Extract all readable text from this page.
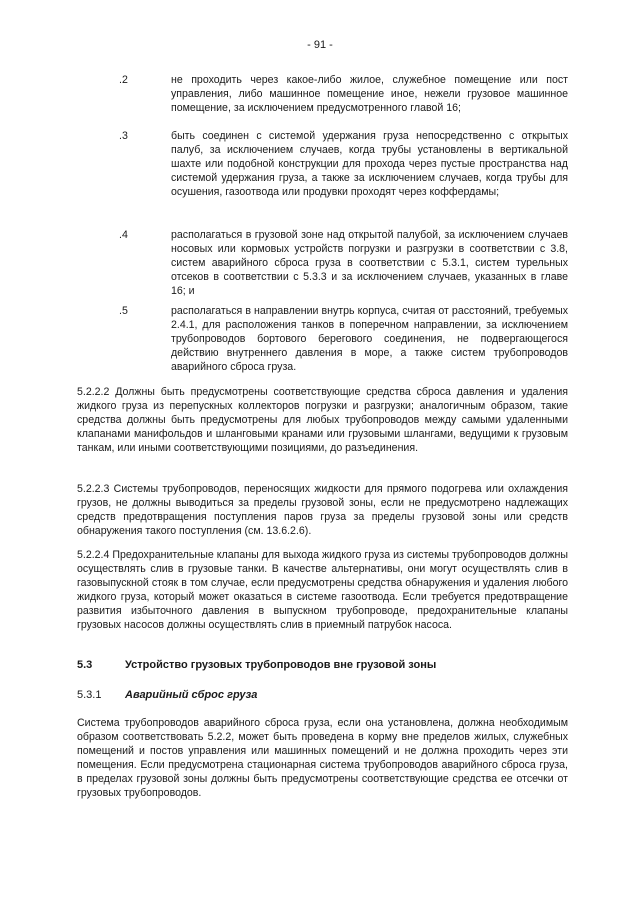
- 91 -
.2	не проходить через какое-либо жилое, служебное помещение или пост управления, либо машинное помещение иное, нежели грузовое машинное помещение, за исключением предусмотренного главой 16;
.3	быть соединен с системой удержания груза непосредственно с открытых палуб, за исключением случаев, когда трубы установлены в вертикальной шахте или подобной конструкции для прохода через пустые пространства над системой удержания груза, а также за исключением случаев, когда трубы для осушения, газоотвода или продувки проходят через коффердамы;
.4	располагаться в грузовой зоне над открытой палубой, за исключением случаев носовых или кормовых устройств погрузки и разгрузки в соответствии с 3.8, систем аварийного сброса груза в соответствии с 5.3.1, систем турельных отсеков в соответствии с 5.3.3 и за исключением случаев, указанных в главе 16; и
.5	располагаться в направлении внутрь корпуса, считая от расстояний, требуемых 2.4.1, для расположения танков в поперечном направлении, за исключением трубопроводов бортового берегового соединения, не подвергающегося действию внутреннего давления в море, а также систем трубопроводов аварийного сброса груза.
5.2.2.2 Должны быть предусмотрены соответствующие средства сброса давления и удаления жидкого груза из перепускных коллекторов погрузки и разгрузки; аналогичным образом, такие средства должны быть предусмотрены для любых трубопроводов между самыми удаленными клапанами манифольдов и шланговыми кранами или грузовыми шлангами, ведущими к грузовым танкам, или иными соответствующими позициями, до разъединения.
5.2.2.3 Системы трубопроводов, переносящих жидкости для прямого подогрева или охлаждения грузов, не должны выводиться за пределы грузовой зоны, если не предусмотрено надлежащих средств предотвращения поступления паров груза за пределы грузовой зоны или средств обнаружения такого поступления (см. 13.6.2.6).
5.2.2.4 Предохранительные клапаны для выхода жидкого груза из системы трубопроводов должны осуществлять слив в грузовые танки. В качестве альтернативы, они могут осуществлять слив в газовыпускной стояк в том случае, если предусмотрены средства обнаружения и удаления любого жидкого груза, который может оказаться в системе газоотвода. Если требуется предотвращение развития избыточного давления в выпускном трубопроводе, предохранительные клапаны грузовых насосов должны осуществлять слив в приемный патрубок насоса.
5.3	Устройство грузовых трубопроводов вне грузовой зоны
5.3.1 Аварийный сброс груза
Система трубопроводов аварийного сброса груза, если она установлена, должна необходимым образом соответствовать 5.2.2, может быть проведена в корму вне пределов жилых, служебных помещений и постов управления или машинных помещений и не должна проходить через эти помещения. Если предусмотрена стационарная система трубопроводов аварийного сброса груза, в пределах грузовой зоны должны быть предусмотрены соответствующие средства ее отсечки от грузовых трубопроводов.
